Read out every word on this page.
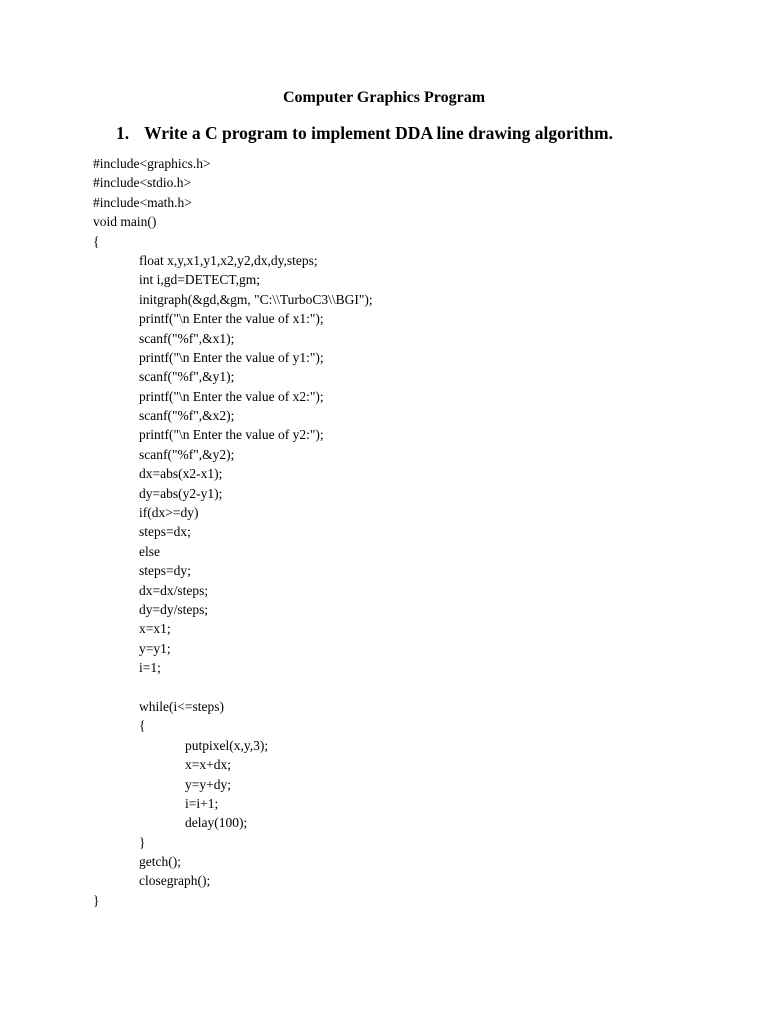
Computer Graphics Program
1. Write a C program to implement DDA line drawing algorithm.
#include<graphics.h>
#include<stdio.h>
#include<math.h>
void main()
{
float x,y,x1,y1,x2,y2,dx,dy,steps;
int i,gd=DETECT,gm;
initgraph(&gd,&gm, "C:\\TurboC3\\BGI");
printf("\n Enter the value of x1:");
scanf("%f",&x1);
printf("\n Enter the value of y1:");
scanf("%f",&y1);
printf("\n Enter the value of x2:");
scanf("%f",&x2);
printf("\n Enter the value of y2:");
scanf("%f",&y2);
dx=abs(x2-x1);
dy=abs(y2-y1);
if(dx>=dy)
steps=dx;
else
steps=dy;
dx=dx/steps;
dy=dy/steps;
x=x1;
y=y1;
i=1;
while(i<=steps)
{
putpixel(x,y,3);
x=x+dx;
y=y+dy;
i=i+1;
delay(100);
}
getch();
closegraph();
}
